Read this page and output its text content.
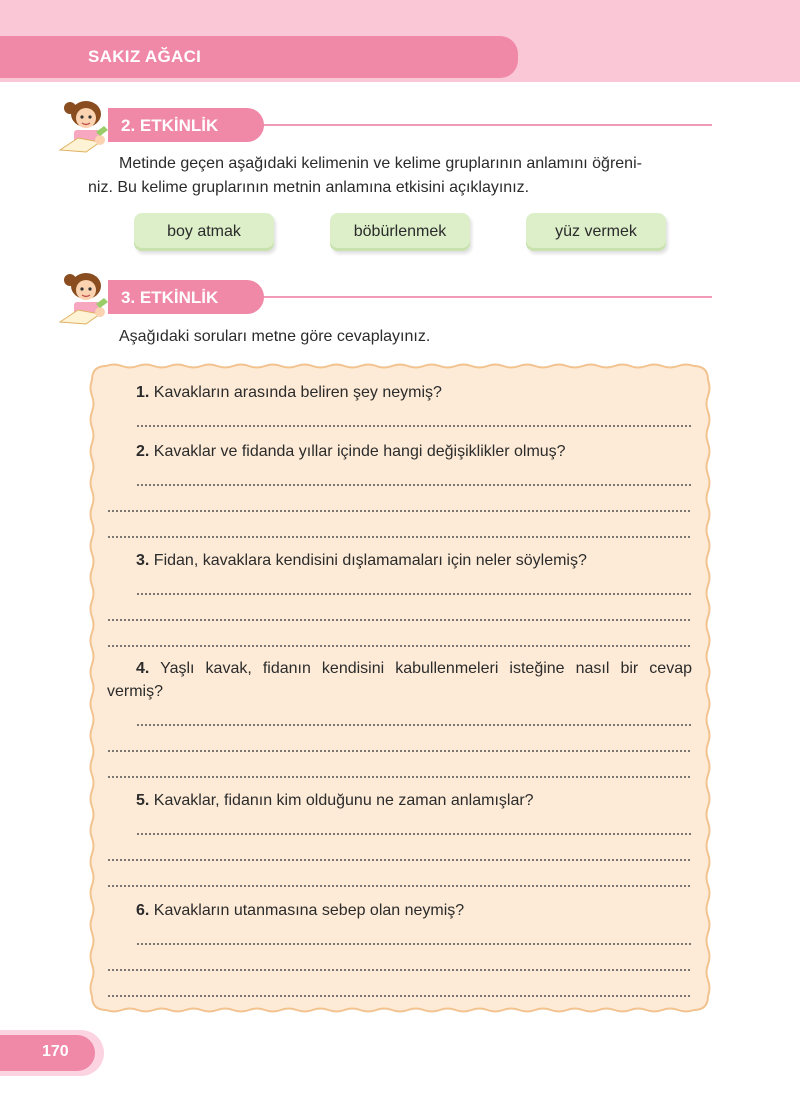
SAKIZ AĞACI
2. ETKİNLİK
Metinde geçen aşağıdaki kelimenin ve kelime gruplarının anlamını öğreni-
niz. Bu kelime gruplarının metnin anlamına etkisini açıklayınız.
boy atmak	böbürlenmek	yüz vermek
3. ETKİNLİK
Aşağıdaki soruları metne göre cevaplayınız.
1. Kavakların arasında beliren şey neymiş?
2. Kavaklar ve fidanda yıllar içinde hangi değişiklikler olmuş?
3. Fidan, kavaklara kendisini dışlamamaları için neler söylemiş?
4. Yaşlı kavak, fidanın kendisini kabullenmeleri isteğine nasıl bir cevap
vermiş?
5. Kavaklar, fidanın kim olduğunu ne zaman anlamışlar?
6. Kavakların utanmasına sebep olan neymiş?
170
